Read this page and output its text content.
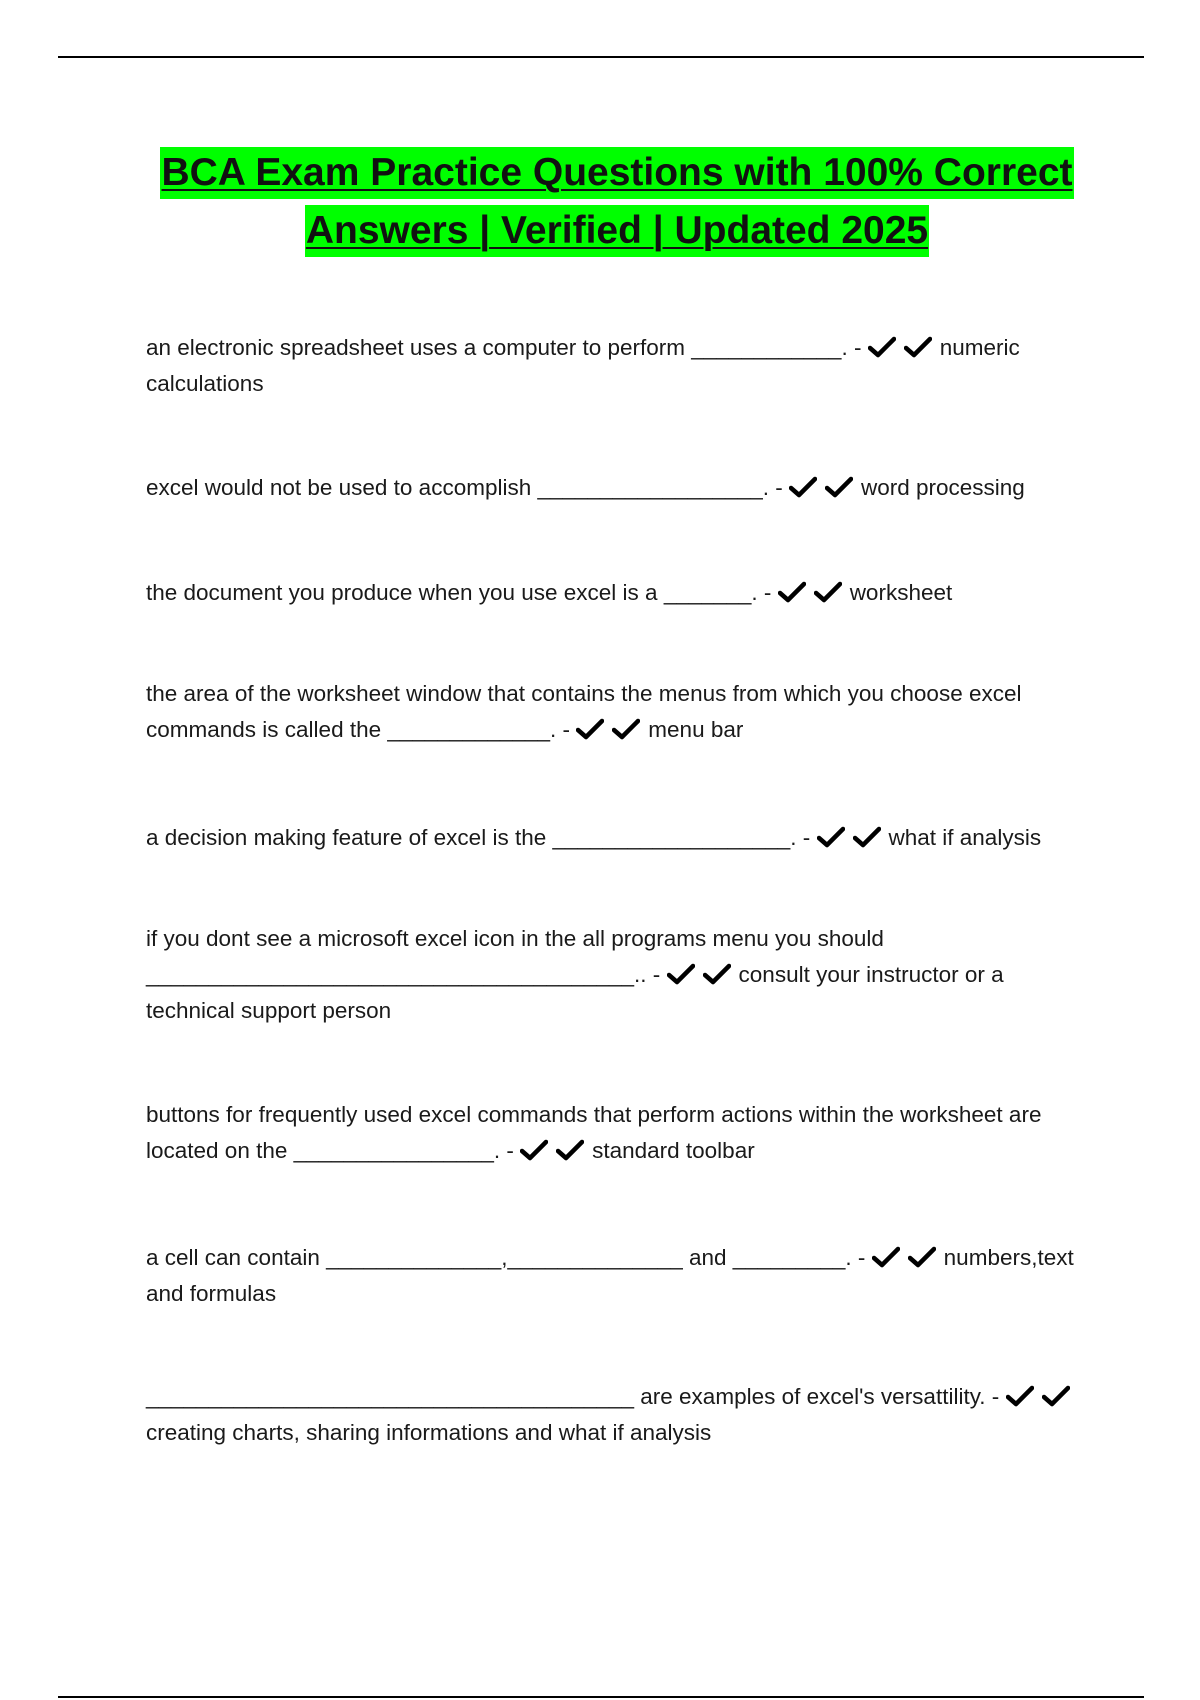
BCA Exam Practice Questions with 100% Correct
Answers | Verified | Updated 2025

an electronic spreadsheet uses a computer to perform ____________. -	numeric calculations

excel would not be used to accomplish __________________. -	word processing

the document you produce when you use excel is a _______. -	worksheet

the area of the worksheet window that contains the menus from which you choose excel commands is called the _____________. -	menu bar

a decision making feature of excel is the ___________________. -	what if analysis

if you dont see a microsoft excel icon in the all programs menu you should _______________________________________.. -	consult your instructor or a technical support person

buttons for frequently used excel commands that perform actions within the worksheet are located on the ________________. -	standard toolbar

a cell can contain ______________,______________ and _________. -	numbers,text and formulas

_______________________________________ are examples of excel's versattility. -
creating charts, sharing informations and what if analysis
